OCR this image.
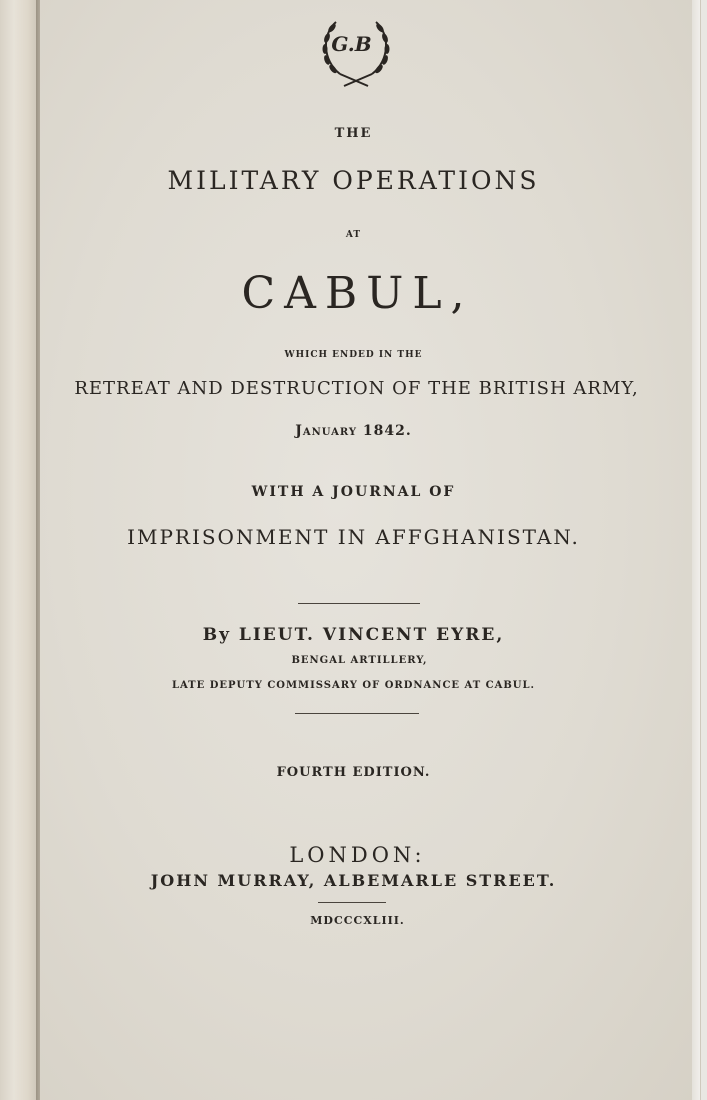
G.B
THE
MILITARY OPERATIONS
AT
CABUL,
WHICH ENDED IN THE
RETREAT AND DESTRUCTION OF THE BRITISH ARMY,
January 1842.
WITH A JOURNAL OF
IMPRISONMENT IN AFFGHANISTAN.
By LIEUT. VINCENT EYRE,
BENGAL ARTILLERY,
LATE DEPUTY COMMISSARY OF ORDNANCE AT CABUL.
FOURTH EDITION.
LONDON:
JOHN MURRAY, ALBEMARLE STREET.
MDCCCXLIII.
